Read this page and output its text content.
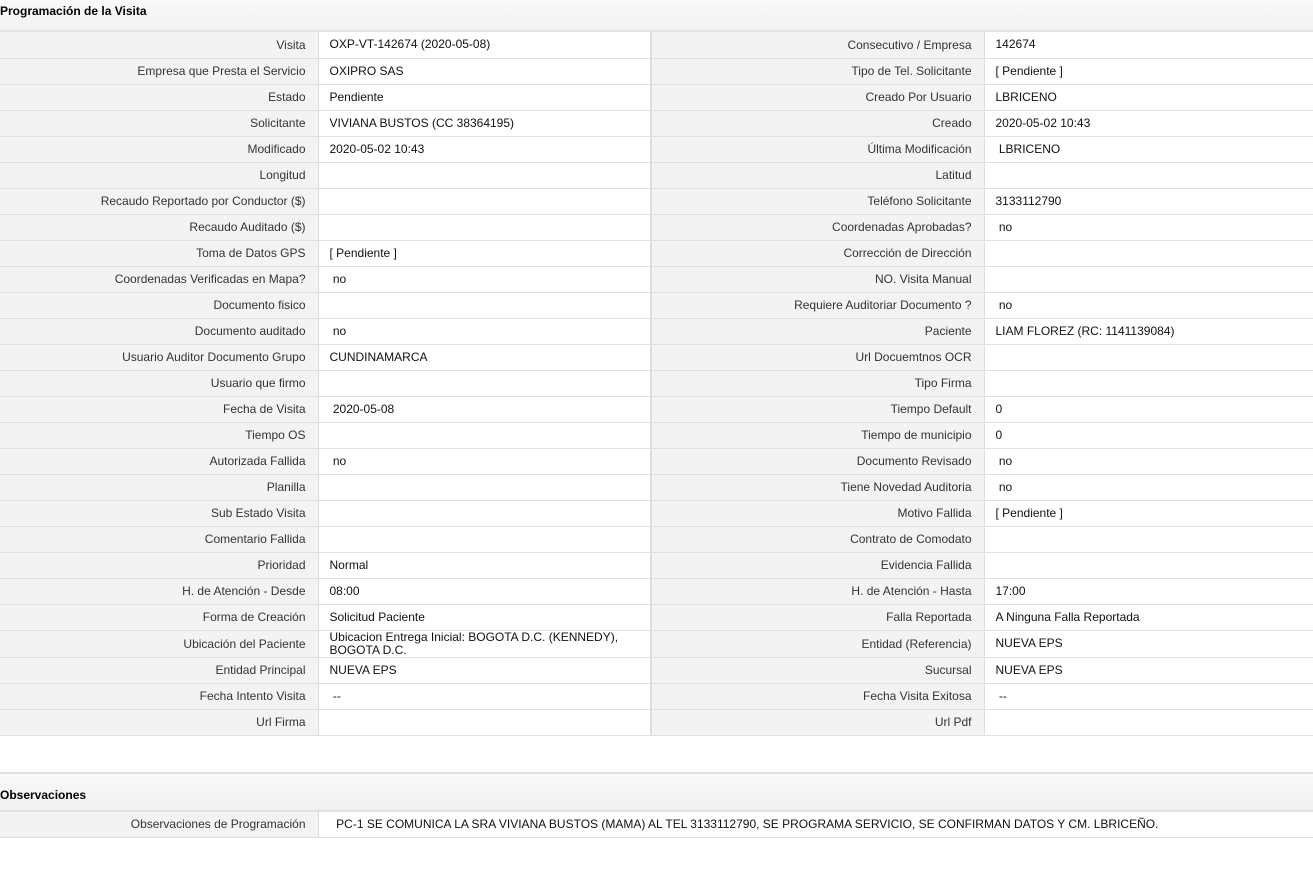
Programación de la Visita
Visita	OXP-VT-142674 (2020-05-08)	Consecutivo / Empresa	142674
Empresa que Presta el Servicio	OXIPRO SAS	Tipo de Tel. Solicitante	[ Pendiente ]
Estado	Pendiente	Creado Por Usuario	LBRICENO
Solicitante	VIVIANA BUSTOS (CC 38364195)	Creado	2020-05-02 10:43
Modificado	2020-05-02 10:43	Última Modificación	LBRICENO
Longitud		Latitud	
Recaudo Reportado por Conductor ($)		Teléfono Solicitante	3133112790
Recaudo Auditado ($)		Coordenadas Aprobadas?	no
Toma de Datos GPS	[ Pendiente ]	Corrección de Dirección	
Coordenadas Verificadas en Mapa?	no	NO. Visita Manual	
Documento fisico		Requiere Auditoriar Documento ?	no
Documento auditado	no	Paciente	LIAM FLOREZ (RC: 1141139084)
Usuario Auditor Documento Grupo	CUNDINAMARCA	Url Docuemtnos OCR	
Usuario que firmo		Tipo Firma	
Fecha de Visita	2020-05-08	Tiempo Default	0
Tiempo OS		Tiempo de municipio	0
Autorizada Fallida	no	Documento Revisado	no
Planilla		Tiene Novedad Auditoria	no
Sub Estado Visita		Motivo Fallida	[ Pendiente ]
Comentario Fallida		Contrato de Comodato	
Prioridad	Normal	Evidencia Fallida	
H. de Atención - Desde	08:00	H. de Atención - Hasta	17:00
Forma de Creación	Solicitud Paciente	Falla Reportada	A Ninguna Falla Reportada
Ubicación del Paciente	Ubicacion Entrega Inicial: BOGOTA D.C. (KENNEDY), BOGOTA D.C.	Entidad (Referencia)	NUEVA EPS
Entidad Principal	NUEVA EPS	Sucursal	NUEVA EPS
Fecha Intento Visita	--	Fecha Visita Exitosa	--
Url Firma		Url Pdf	
Observaciones
Observaciones de Programación	PC-1 SE COMUNICA LA SRA VIVIANA BUSTOS (MAMA) AL TEL 3133112790, SE PROGRAMA SERVICIO, SE CONFIRMAN DATOS Y CM. LBRICEÑO.
